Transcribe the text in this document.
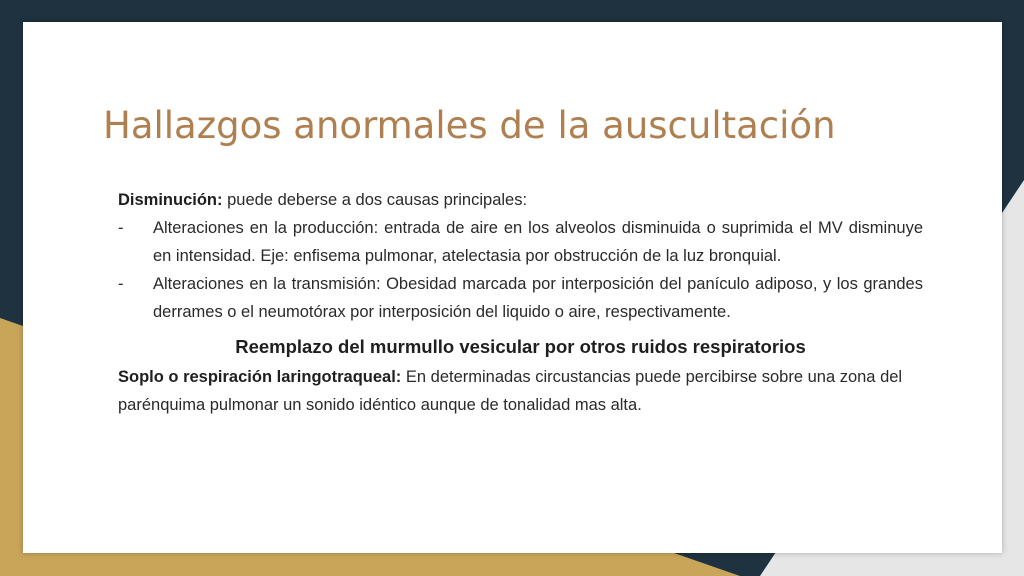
Hallazgos anormales de la auscultación

Disminución: puede deberse a dos causas principales:

- Alteraciones en la producción: entrada de aire en los alveolos disminuida o suprimida el MV disminuye en intensidad. Eje: enfisema pulmonar, atelectasia por obstrucción de la luz bronquial.

- Alteraciones en la transmisión: Obesidad marcada por interposición del panículo adiposo, y los grandes derrames o el neumotórax por interposición del liquido o aire, respectivamente.

Reemplazo del murmullo vesicular por otros ruidos respiratorios

Soplo o respiración laringotraqueal: En determinadas circustancias puede percibirse sobre una zona del parénquima pulmonar un sonido idéntico aunque de tonalidad mas alta.
